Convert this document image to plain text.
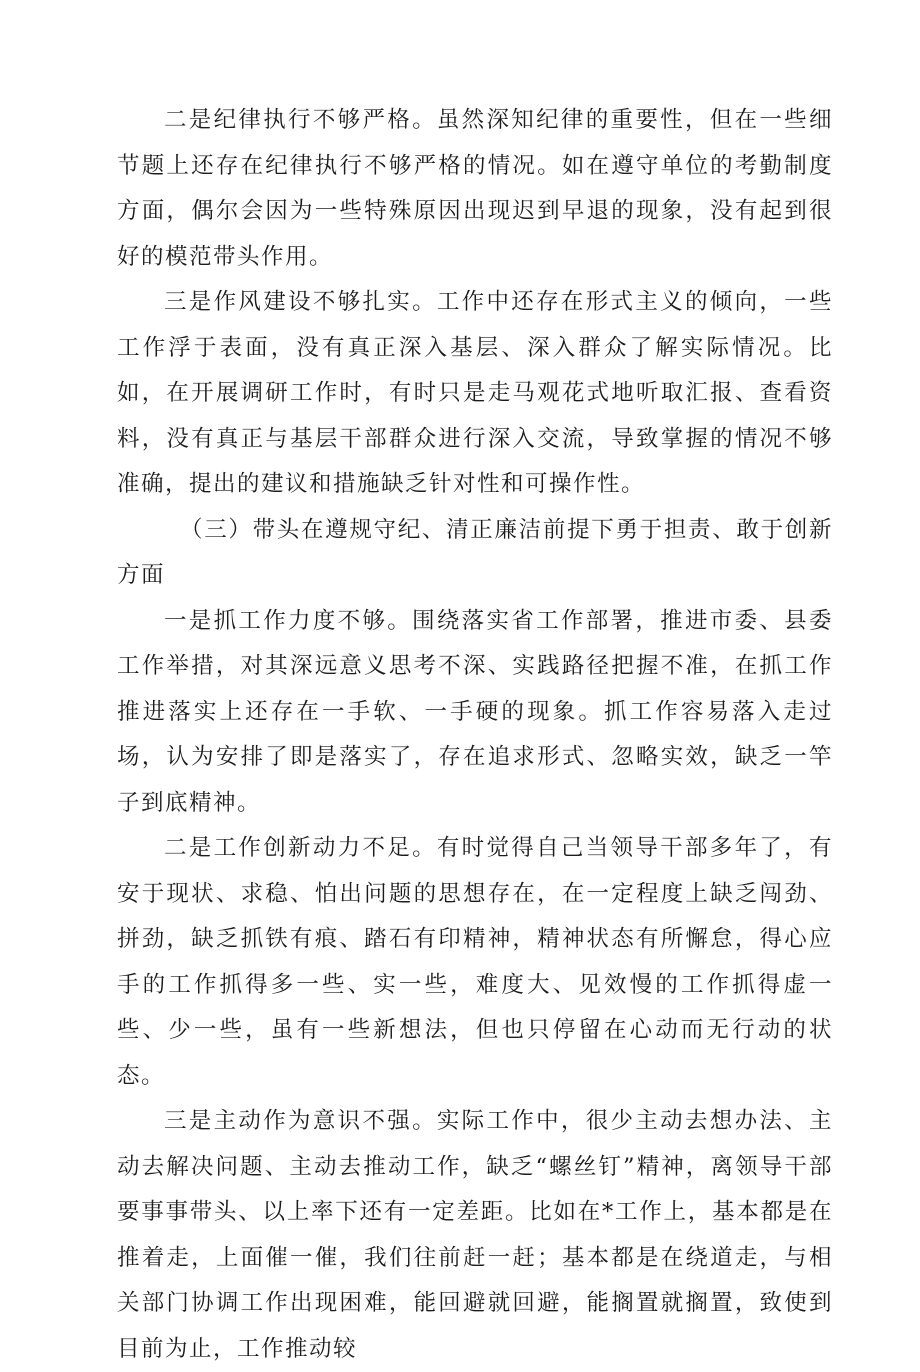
二是纪律执行不够严格。虽然深知纪律的重要性，但在一些细节题上还存在纪律执行不够严格的情况。如在遵守单位的考勤制度方面，偶尔会因为一些特殊原因出现迟到早退的现象，没有起到很好的模范带头作用。

三是作风建设不够扎实。工作中还存在形式主义的倾向，一些工作浮于表面，没有真正深入基层、深入群众了解实际情况。比如，在开展调研工作时，有时只是走马观花式地听取汇报、查看资料，没有真正与基层干部群众进行深入交流，导致掌握的情况不够准确，提出的建议和措施缺乏针对性和可操作性。

（三）带头在遵规守纪、清正廉洁前提下勇于担责、敢于创新方面

一是抓工作力度不够。围绕落实省工作部署，推进市委、县委工作举措，对其深远意义思考不深、实践路径把握不准，在抓工作推进落实上还存在一手软、一手硬的现象。抓工作容易落入走过场，认为安排了即是落实了，存在追求形式、忽略实效，缺乏一竿子到底精神。

二是工作创新动力不足。有时觉得自己当领导干部多年了，有安于现状、求稳、怕出问题的思想存在，在一定程度上缺乏闯劲、拼劲，缺乏抓铁有痕、踏石有印精神，精神状态有所懈怠，得心应手的工作抓得多一些、实一些，难度大、见效慢的工作抓得虚一些、少一些，虽有一些新想法，但也只停留在心动而无行动的状态。

三是主动作为意识不强。实际工作中，很少主动去想办法、主动去解决问题、主动去推动工作，缺乏“螺丝钉”精神，离领导干部要事事带头、以上率下还有一定差距。比如在*工作上，基本都是在推着走，上面催一催，我们往前赶一赶；基本都是在绕道走，与相关部门协调工作出现困难，能回避就回避，能搁置就搁置，致使到目前为止，工作推动较
